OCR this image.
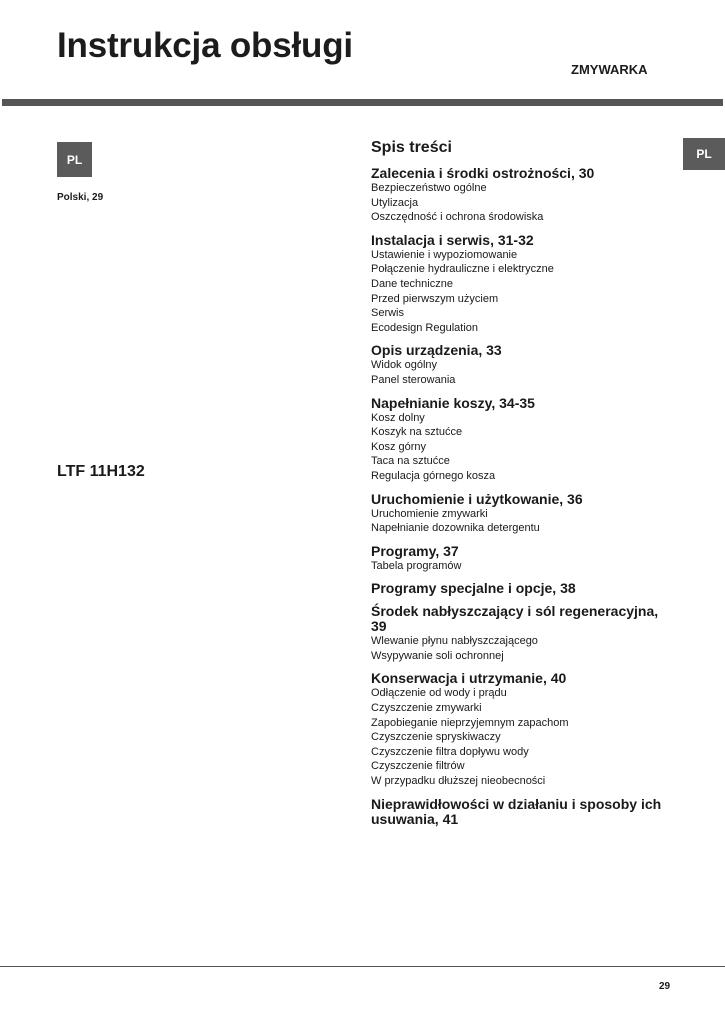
Instrukcja obsługi
ZMYWARKA
PL
Polski, 29
LTF 11H132
PL
Spis treści
Zalecenia i środki ostrożności, 30
Bezpieczeństwo ogólne
Utylizacja
Oszczędność i ochrona środowiska
Instalacja i serwis, 31-32
Ustawienie i wypoziomowanie
Połączenie hydrauliczne i elektryczne
Dane techniczne
Przed pierwszym użyciem
Serwis
Ecodesign Regulation
Opis urządzenia, 33
Widok ogólny
Panel sterowania
Napełnianie koszy, 34-35
Kosz dolny
Koszyk na sztućce
Kosz górny
Taca na sztućce
Regulacja górnego kosza
Uruchomienie i użytkowanie, 36
Uruchomienie zmywarki
Napełnianie dozownika detergentu
Programy, 37
Tabela programów
Programy specjalne i opcje, 38
Środek nabłyszczający i sól regeneracyjna, 39
Wlewanie płynu nabłyszczającego
Wsypywanie soli ochronnej
Konserwacja i utrzymanie, 40
Odłączenie od wody i prądu
Czyszczenie zmywarki
Zapobieganie nieprzyjemnym zapachom
Czyszczenie spryskiwaczy
Czyszczenie filtra dopływu wody
Czyszczenie filtrów
W przypadku dłuższej nieobecności
Nieprawidłowości w działaniu i sposoby ich usuwania, 41
29
